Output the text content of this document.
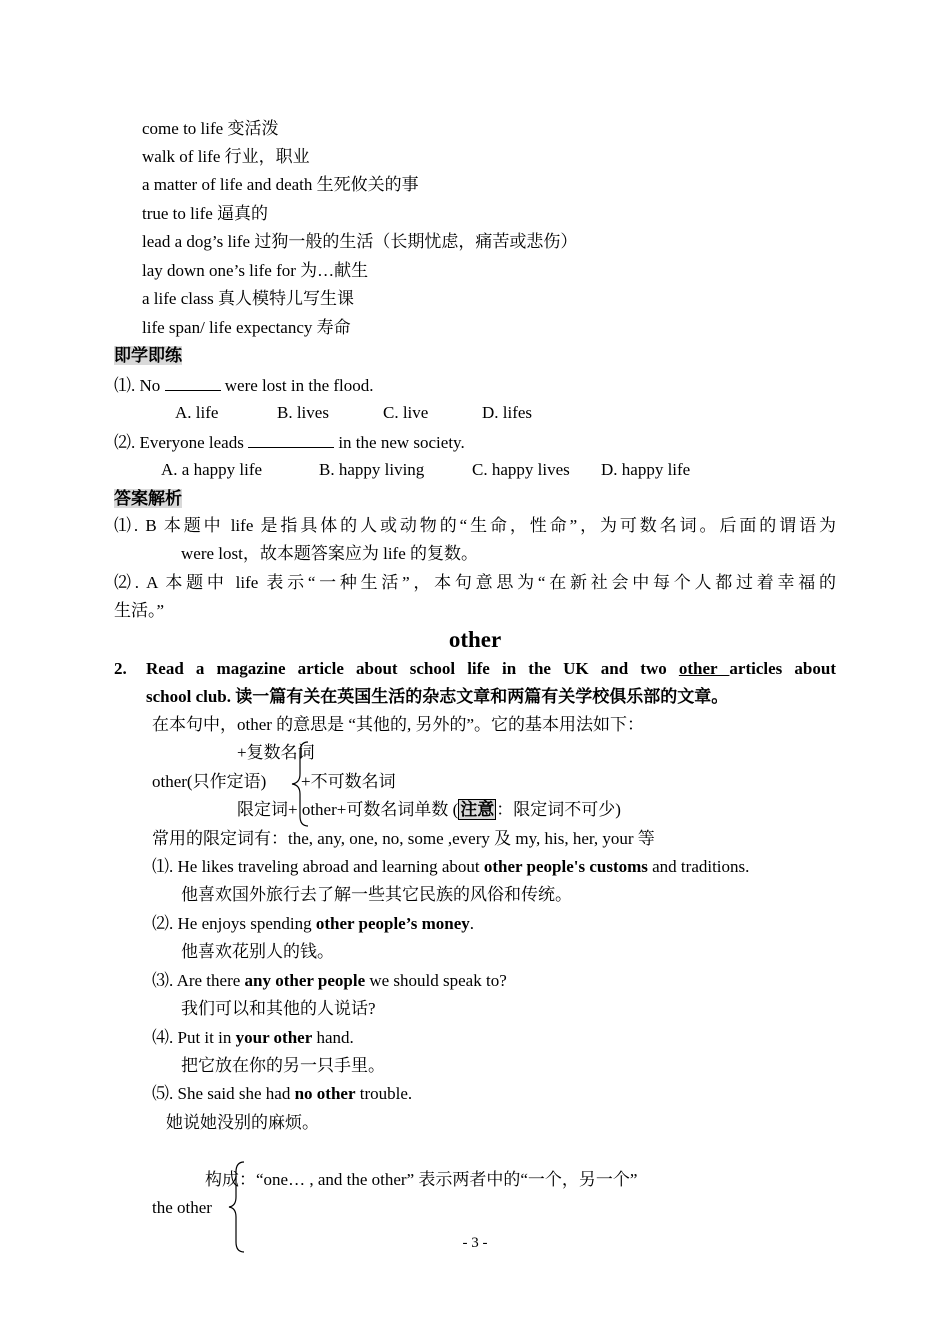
come to life 变活泼
walk of life 行业，职业
a matter of life and death 生死攸关的事
true to life 逼真的
lead a dog’s life 过狗一般的生活（长期忧虑，痛苦或悲伤）
lay down one’s life for 为…献生
a life class 真人模特儿写生课
life span/ life expectancy 寿命
即学即练
⑴. No	were lost in the flood.
A. life	B. lives	C. live	D. lifes
⑵. Everyone leads	in the new society.
A. a happy life	B. happy living	C. happy lives D. happy life
答案解析
⑴. B 本题中 life 是指具体的人或动物的“生命，性命”，为可数名词。后面的谓语为
were lost，故本题答案应为 life 的复数。
⑵. A 本题中 life 表示“一种生活”，本句意思为“在新社会中每个人都过着幸福的
生活。”
other
2. Read a magazine article about school life in the UK and two other articles about
school club. 读一篇有关在英国生活的杂志文章和两篇有关学校俱乐部的文章。
在本句中，other 的意思是 “其他的, 另外的”。它的基本用法如下：
+复数名词
other(只作定语) +不可数名词
限定词+ other+可数名词单数 ( 注意 ：限定词不可少)
常用的限定词有：the, any, one, no, some ,every 及 my, his, her, your 等
⑴. He likes traveling abroad and learning about other people's customs and traditions.
他喜欢国外旅行去了解一些其它民族的风俗和传统。
⑵. He enjoys spending other people’s money.
他喜欢花别人的钱。
⑶. Are there any other people we should speak to?
我们可以和其他的人说话?
⑷. Put it in your other hand.
把它放在你的另一只手里。
⑸. She said she had no other trouble.
她说她没别的麻烦。
构成：“one… , and the other” 表示两者中的“一个，另一个”
the other
- 3 -
